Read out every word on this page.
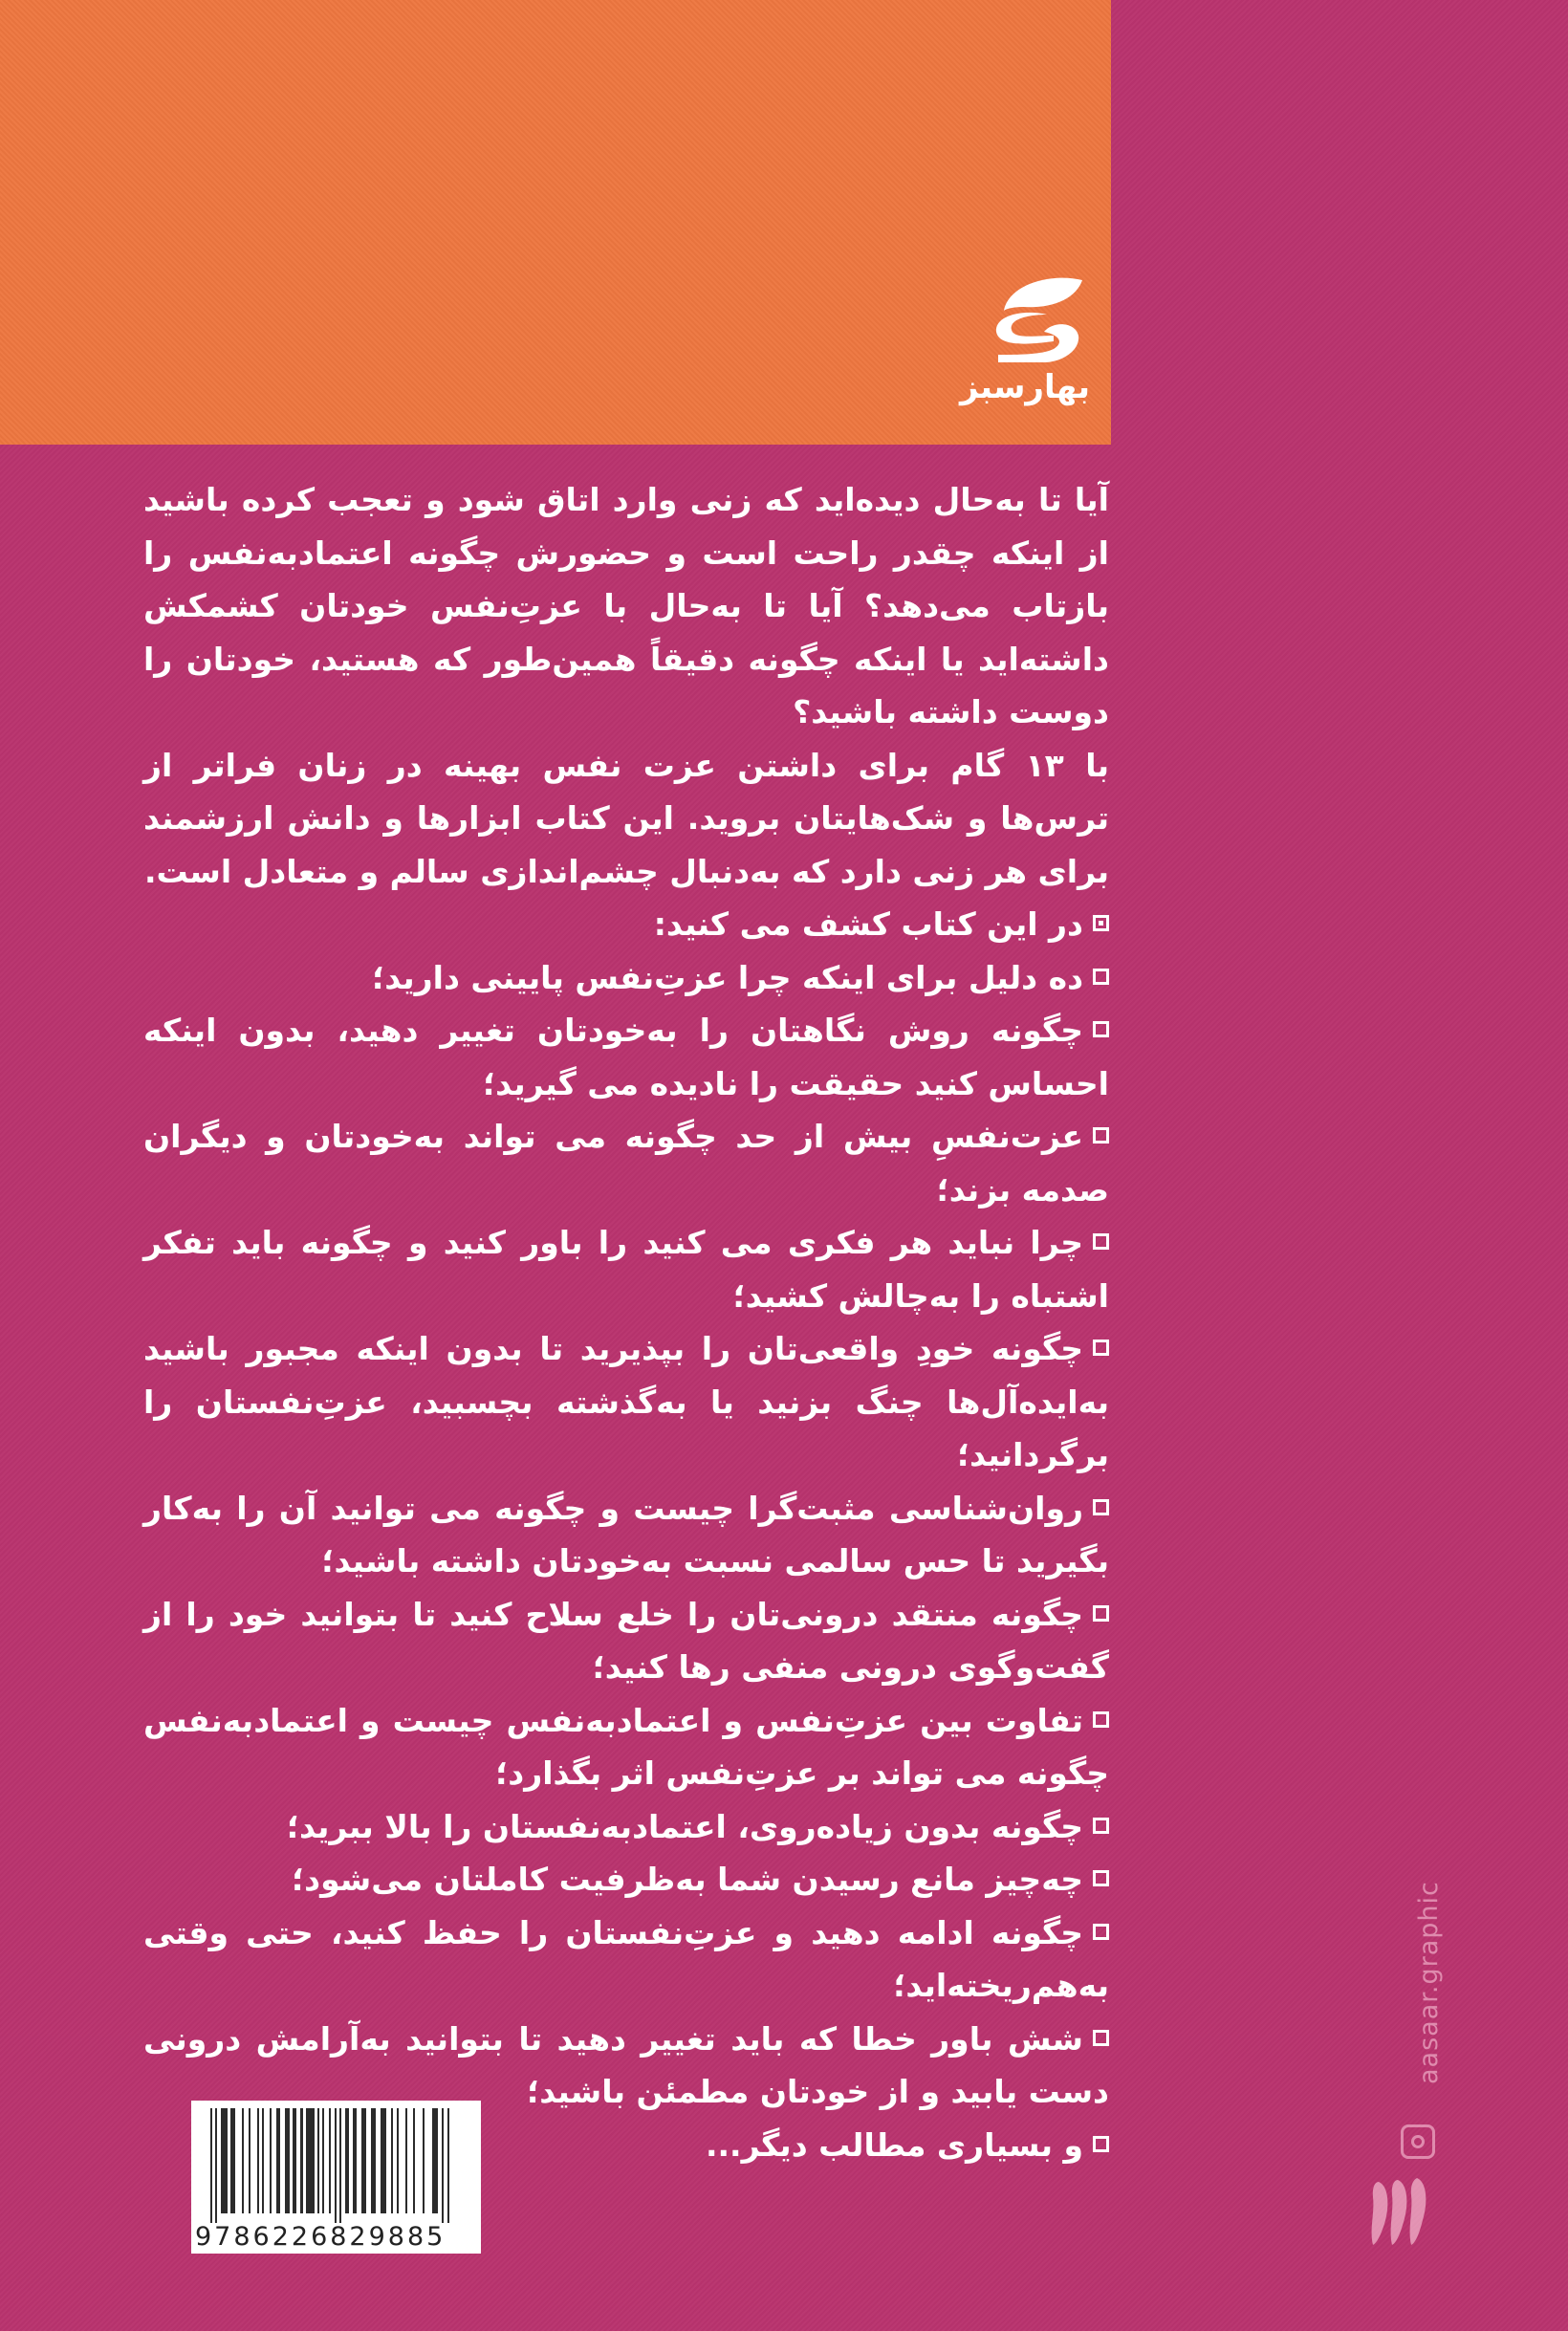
بهارسبز

آیا تا به‌حال دیده‌اید که زنی وارد اتاق شود و تعجب کرده باشید از اینکه چقدر راحت است و حضورش چگونه اعتمادبه‌نفس را بازتاب می‌دهد؟ آیا تا به‌حال با عزتِ‌نفس خودتان کشمکش داشته‌اید یا اینکه چگونه دقیقاً همین‌طور که هستید، خودتان را دوست داشته باشید؟

با ۱۳ گام برای داشتن عزت نفس بهینه در زنان فراتر از ترس‌ها و شک‌هایتان بروید. این کتاب ابزارها و دانش ارزشمند برای هر زنی دارد که به‌دنبال چشم‌اندازی سالم و متعادل است.

در این کتاب کشف می کنید:
ده دلیل برای اینکه چرا عزتِ‌نفس پایینی دارید؛
چگونه روش نگاهتان را به‌خودتان تغییر دهید، بدون اینکه احساس کنید حقیقت را نادیده می گیرید؛
عزت‌نفسِ بیش از حد چگونه می تواند به‌خودتان و دیگران صدمه بزند؛
چرا نباید هر فکری می کنید را باور کنید و چگونه باید تفکر اشتباه را به‌چالش کشید؛
چگونه خودِ واقعی‌تان را بپذیرید تا بدون اینکه مجبور باشید به‌ایده‌آل‌ها چنگ بزنید یا به‌گذشته بچسبید، عزتِ‌نفستان را برگردانید؛
روان‌شناسی مثبت‌گرا چیست و چگونه می توانید آن را به‌کار بگیرید تا حس سالمی نسبت به‌خودتان داشته باشید؛
چگونه منتقد درونی‌تان را خلع سلاح کنید تا بتوانید خود را از گفت‌وگوی درونی منفی رها کنید؛
تفاوت بین عزتِ‌نفس و اعتمادبه‌نفس چیست و اعتمادبه‌نفس چگونه می تواند بر عزتِ‌نفس اثر بگذارد؛
چگونه بدون زیاده‌روی، اعتمادبه‌نفستان را بالا ببرید؛
چه‌چیز مانع رسیدن شما به‌ظرفیت کاملتان می‌شود؛
چگونه ادامه دهید و عزتِ‌نفستان را حفظ کنید، حتی وقتی به‌هم‌ریخته‌اید؛
شش باور خطا که باید تغییر دهید تا بتوانید به‌آرامش درونی دست یابید و از خودتان مطمئن باشید؛
و بسیاری مطالب دیگر...
9786226829885
aasaar.graphic
